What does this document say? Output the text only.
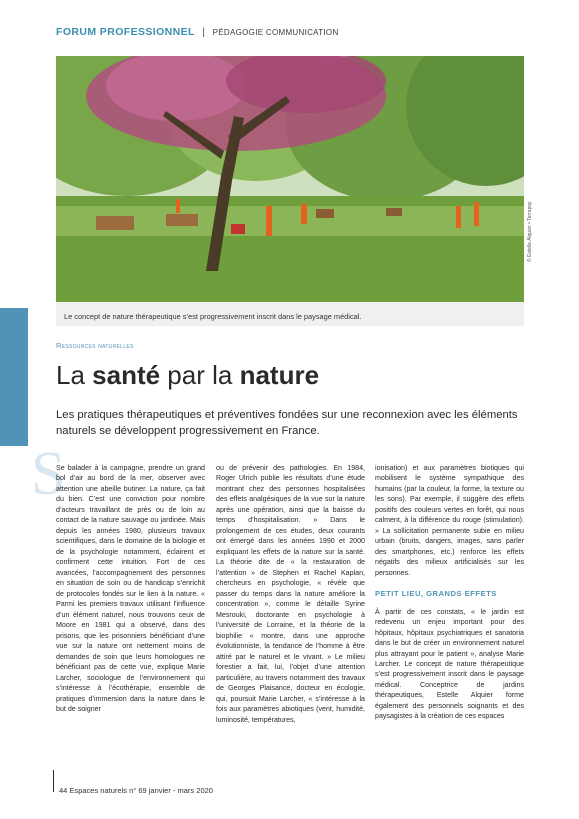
FORUM PROFESSIONNEL | PÉDAGOGIE COMMUNICATION
© Estelle Alquier • Terrapsy
Le concept de nature thérapeutique s’est progressivement inscrit dans le paysage médical.
Ressources naturelles
La santé par la nature
Les pratiques thérapeutiques et préventives fondées sur une reconnexion avec les éléments naturels se développent progressivement en France.
S

Se balader à la campagne, prendre un grand bol d’air au bord de la mer, observer avec attention une abeille butiner. La nature, ça fait du bien. C’est une conviction pour nombre d’acteurs travaillant de près ou de loin au contact de la nature sauvage ou jardinée. Mais depuis les années 1980, plusieurs travaux scientifiques, dans le domaine de la biologie et de la psychologie notamment, éclairent et confirment cette intuition. Fort de ces avancées, l’accompagnement des personnes en situation de soin ou de handicap s’enrichit de protocoles fondés sur le lien à la nature. « Parmi les premiers travaux utilisant l’influence d’un élément naturel, nous trouvons ceux de Moore en 1981 qui a observé, dans des prisons, que les prisonniers bénéficiant d’une vue sur la nature ont nettement moins de demandes de soin que leurs homologues ne bénéficiant pas de cette vue, explique Marie Larcher, sociologue de l’environnement qui s’intéresse à l’écothérapie, ensemble de pratiques d’immersion dans la nature dans le but de soigner

ou de prévenir des pathologies. En 1984, Roger Ulrich publie les résultats d’une étude montrant chez des personnes hospitalisées des effets analgésiques de la vue sur la nature après une opération, ainsi que la baisse du temps d’hospitalisation. » Dans le prolongement de ces études, deux courants ont émergé dans les années 1990 et 2000 expliquant les effets de la nature sur la santé. La théorie dite de « la restauration de l’attention » de Stephen et Rachel Kaplan, chercheurs en psychologie, « révèle que passer du temps dans la nature améliore la concentration », comme le détaille Syrine Mesrouki, doctorante en psychologie à l’université de Lorraine, et la théorie de la biophilie « montre, dans une approche évolutionniste, la tendance de l’homme à être attiré par le naturel et le vivant. » Le milieu forestier a fait, lui, l’objet d’une attention particulière, au travers notamment des travaux de Georges Plaisance, docteur en écologie, qui, poursuit Marie Larcher, « s’intéresse à la fois aux paramètres abiotiques (vent, humidité, luminosité, températures,

ionisation) et aux paramètres biotiques qui mobilisent le système sympathique des humains (par la couleur, la forme, la texture ou les sons). Par exemple, il suggère des effets positifs des couleurs vertes en forêt, qui nous calment, à la différence du rouge (stimulation). » La sollicitation permanente subie en milieu urbain (bruits, dangers, images, sans parler des smartphones, etc.) renforce les effets négatifs des milieux artificialisés sur les personnes.

PETIT LIEU, GRANDS EFFETS

À partir de ces constats, « le jardin est redevenu un enjeu important pour des hôpitaux, hôpitaux psychiatriques et sanatoria dans le but de créer un environnement naturel plus attrayant pour le patient », analyse Marie Larcher. Le concept de nature thérapeutique s’est progressivement inscrit dans le paysage médical. Conceptrice de jardins thérapeutiques, Estelle Alquier forme également des personnels soignants et des paysagistes à la création de ces espaces

44 Espaces naturels n° 69 janvier - mars 2020
